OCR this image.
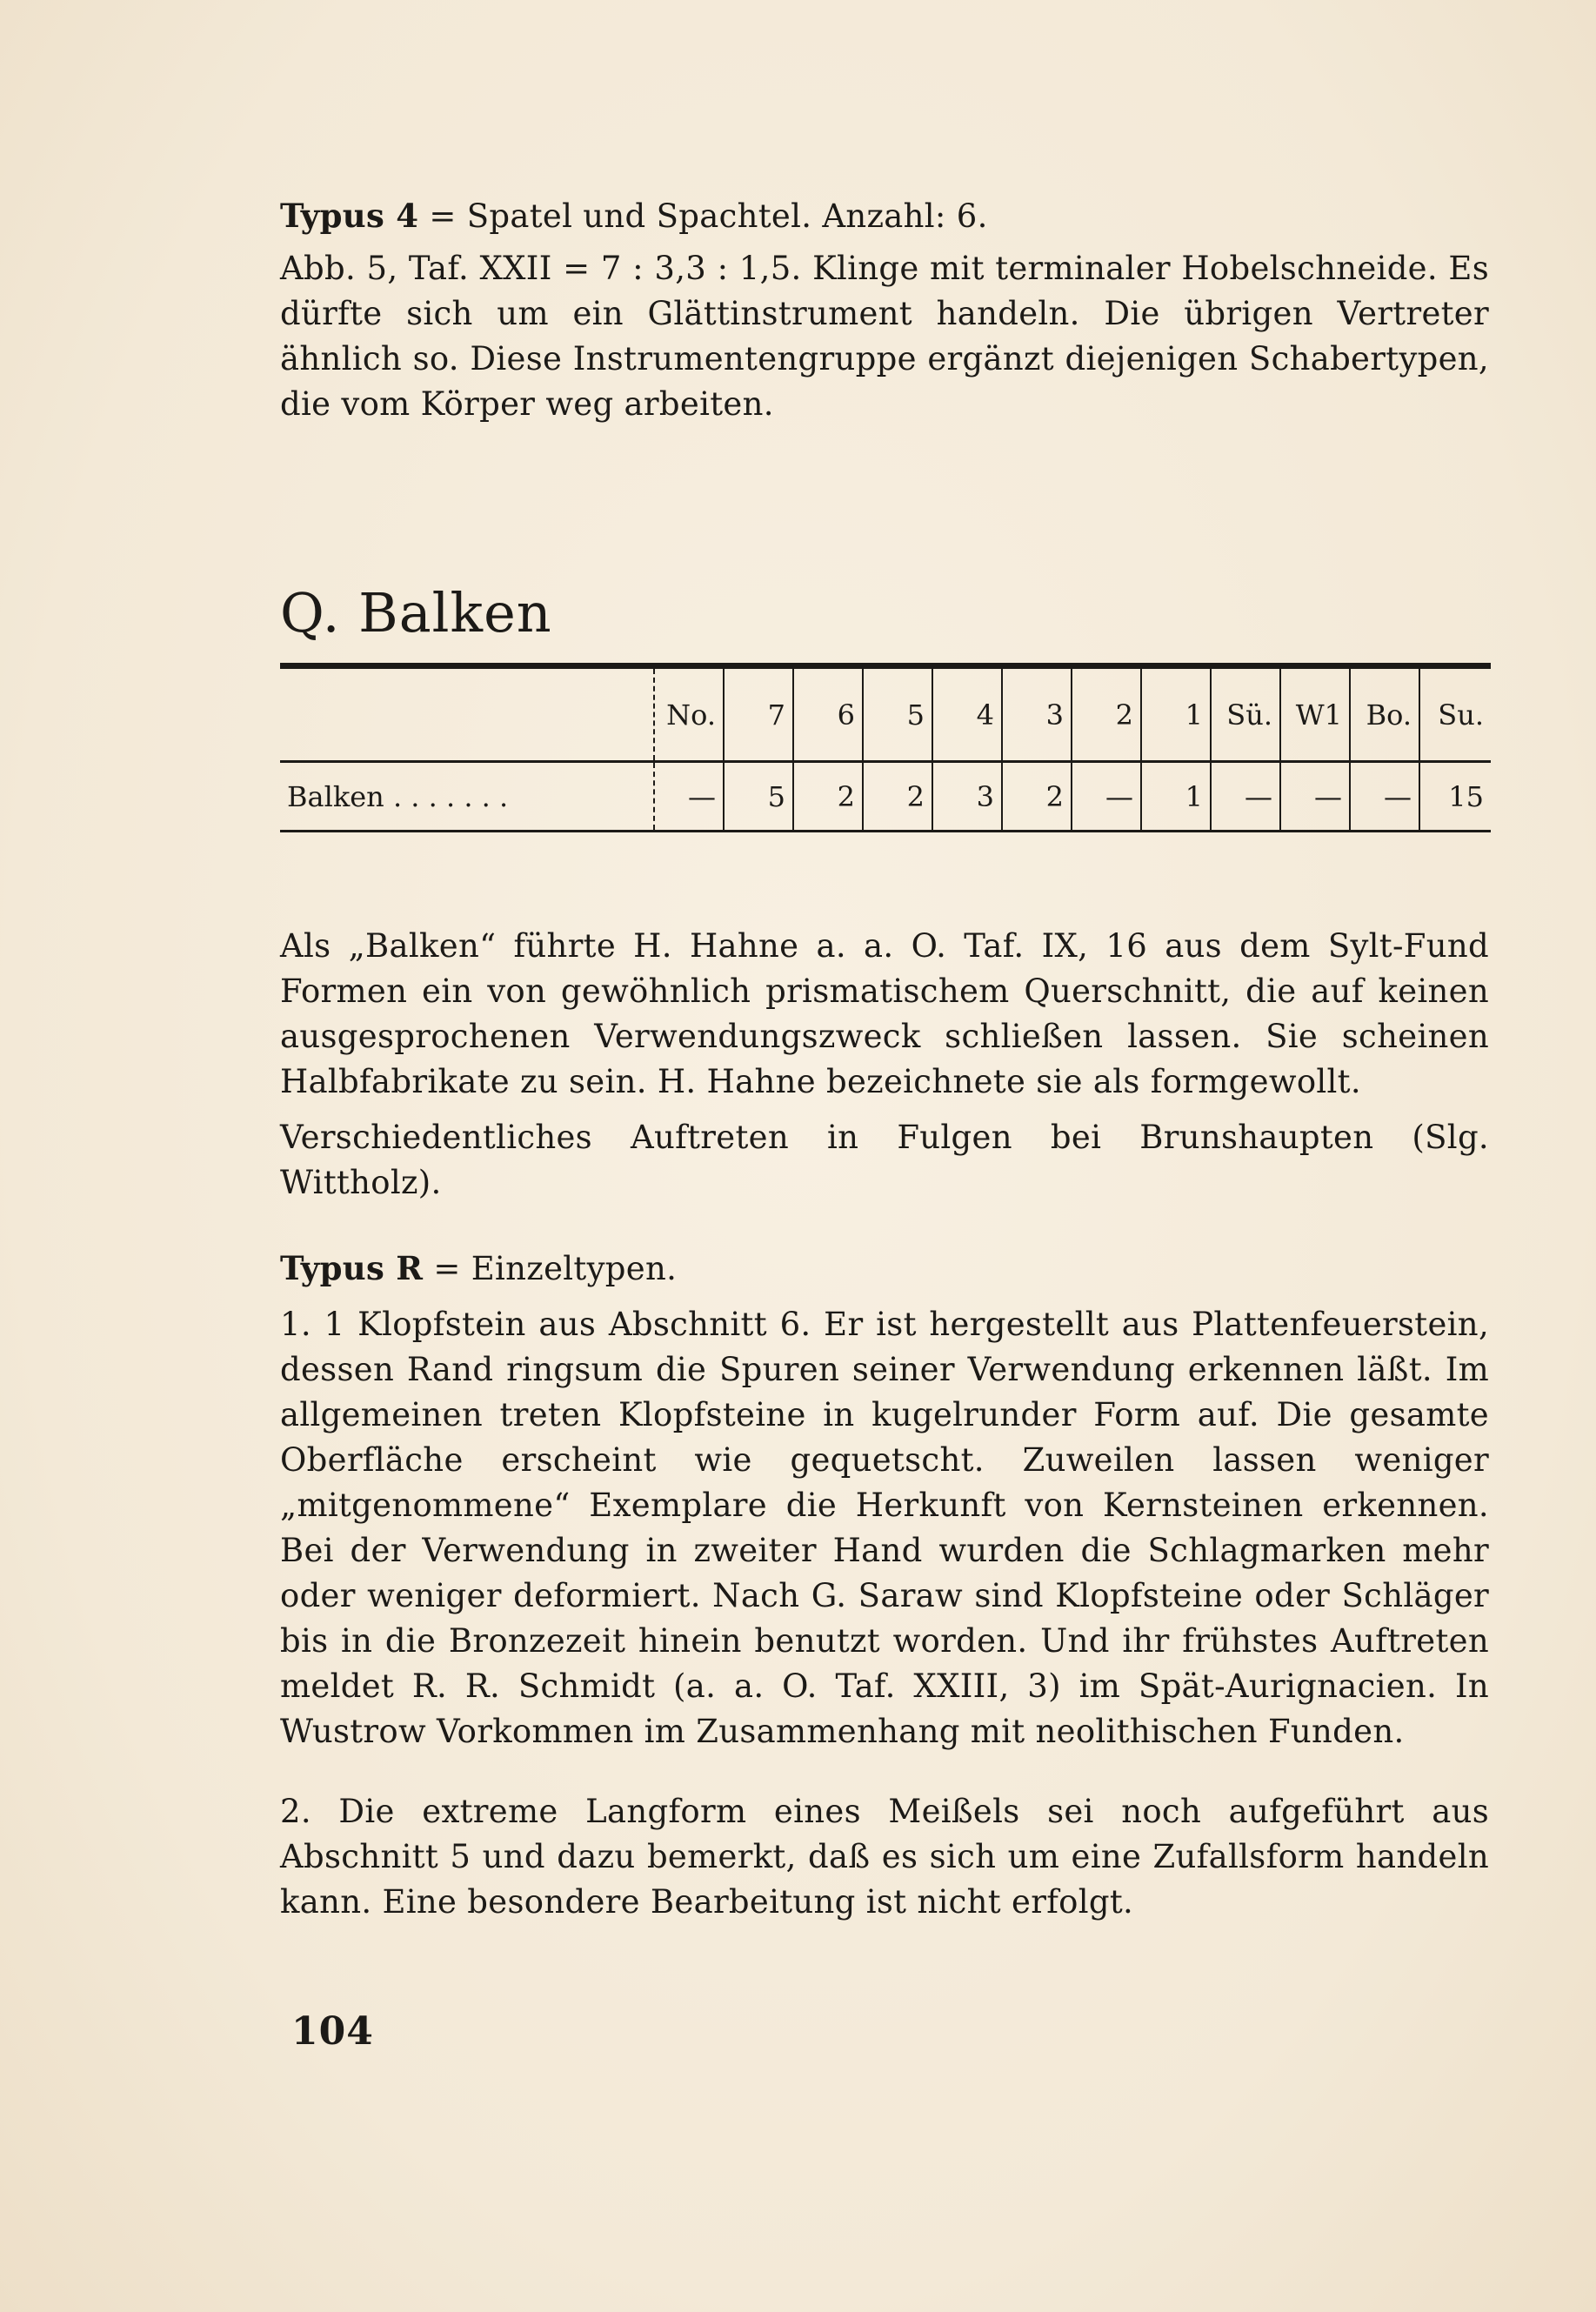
Typus 4 = Spatel und Spachtel. Anzahl: 6.

Abb. 5, Taf. XXII = 7 : 3,3 : 1,5. Klinge mit terminaler Hobelschneide. Es dürfte sich um ein Glättinstrument handeln. Die übrigen Vertreter ähnlich so. Diese Instrumentengruppe ergänzt diejenigen Schabertypen, die vom Körper weg arbeiten.

Q. Balken
	No.	7	6	5	4	3	2	1	Sü.	W1	Bo.	Su.
Balken . . . . . . .	—	5	2	2	3	2	—	1	—	—	—	15

Als „Balken“ führte H. Hahne a. a. O. Taf. IX, 16 aus dem Sylt-Fund Formen ein von gewöhnlich prismatischem Querschnitt, die auf keinen ausgesprochenen Verwendungszweck schließen lassen. Sie scheinen Halbfabrikate zu sein. H. Hahne bezeichnete sie als formgewollt.

Verschiedentliches Auftreten in Fulgen bei Brunshaupten (Slg. Wittholz).

Typus R = Einzeltypen.

1. 1 Klopfstein aus Abschnitt 6. Er ist hergestellt aus Plattenfeuerstein, dessen Rand ringsum die Spuren seiner Verwendung erkennen läßt. Im allgemeinen treten Klopfsteine in kugelrunder Form auf. Die gesamte Oberfläche erscheint wie gequetscht. Zuweilen lassen weniger „mitgenommene“ Exemplare die Herkunft von Kernsteinen erkennen. Bei der Verwendung in zweiter Hand wurden die Schlagmarken mehr oder weniger deformiert. Nach G. Saraw sind Klopfsteine oder Schläger bis in die Bronzezeit hinein benutzt worden. Und ihr frühstes Auftreten meldet R. R. Schmidt (a. a. O. Taf. XXIII, 3) im Spät-Aurignacien. In Wustrow Vorkommen im Zusammenhang mit neolithischen Funden.

2. Die extreme Langform eines Meißels sei noch aufgeführt aus Abschnitt 5 und dazu bemerkt, daß es sich um eine Zufallsform handeln kann. Eine besondere Bearbeitung ist nicht erfolgt.

104
